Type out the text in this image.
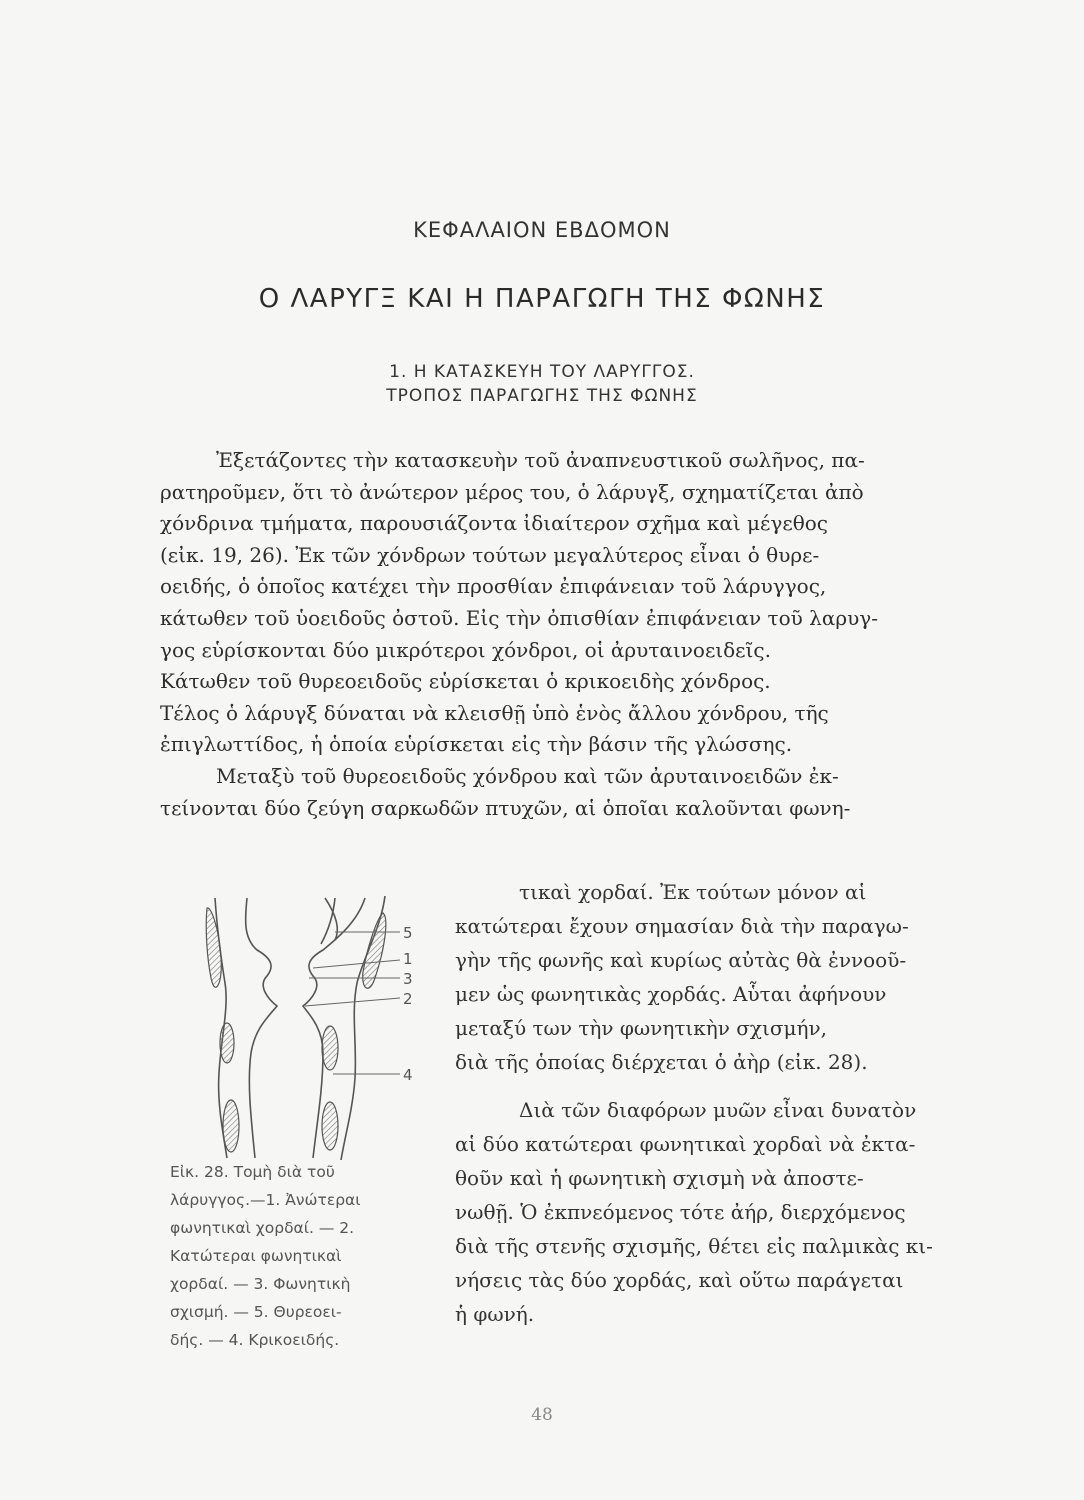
ΚΕΦΑΛΑΙΟΝ ΕΒΔΟΜΟΝ
Ο ΛΑΡΥΓΞ ΚΑΙ Η ΠΑΡΑΓΩΓΗ ΤΗΣ ΦΩΝΗΣ
1. Η ΚΑΤΑΣΚΕΥΗ ΤΟΥ ΛΑΡΥΓΓΟΣ.
ΤΡΟΠΟΣ ΠΑΡΑΓΩΓΗΣ ΤΗΣ ΦΩΝΗΣ
Ἐξετάζοντες τὴν κατασκευὴν τοῦ ἀναπνευστικοῦ σωλῆνος, πα-
ρατηροῦμεν, ὅτι τὸ ἀνώτερον μέρος του, ὁ λάρυγξ, σχηματίζεται ἀπὸ
χόνδρινα τμήματα, παρουσιάζοντα ἰδιαίτερον σχῆμα καὶ μέγεθος
(εἰκ. 19, 26). Ἐκ τῶν χόνδρων τούτων μεγαλύτερος εἶναι ὁ θυρε-
οειδής, ὁ ὁποῖος κατέχει τὴν προσθίαν ἐπιφάνειαν τοῦ λάρυγγος,
κάτωθεν τοῦ ὑοειδοῦς ὀστοῦ. Εἰς τὴν ὀπισθίαν ἐπιφάνειαν τοῦ λαρυγ-
γος εὑρίσκονται δύο μικρότεροι χόνδροι, οἱ ἀρυταινοειδεῖς.
Κάτωθεν τοῦ θυρεοειδοῦς εὑρίσκεται ὁ κρικοειδὴς χόνδρος.
Τέλος ὁ λάρυγξ δύναται νὰ κλεισθῇ ὑπὸ ἑνὸς ἄλλου χόνδρου, τῆς
ἐπιγλωττίδος, ἡ ὁποία εὑρίσκεται εἰς τὴν βάσιν τῆς γλώσσης.
Μεταξὺ τοῦ θυρεοειδοῦς χόνδρου καὶ τῶν ἀρυταινοειδῶν ἐκ-
τείνονται δύο ζεύγη σαρκωδῶν πτυχῶν, αἱ ὁποῖαι καλοῦνται φωνη-
5
1
3
2
4
Εἰκ. 28. Τομὴ διὰ τοῦ
λάρυγγος.—1. Ἀνώτεραι
φωνητικαὶ χορδαί. — 2.
Κατώτεραι φωνητικαὶ
χορδαί. — 3. Φωνητικὴ
σχισμή. — 5. Θυρεοει-
δής. — 4. Κρικοειδής.
τικαὶ χορδαί. Ἐκ τούτων μόνον αἱ
κατώτεραι ἔχουν σημασίαν διὰ τὴν παραγω-
γὴν τῆς φωνῆς καὶ κυρίως αὐτὰς θὰ ἐννοοῦ-
μεν ὡς φωνητικὰς χορδάς. Αὗται ἀφήνουν
μεταξύ των τὴν φωνητικὴν σχισμήν,
διὰ τῆς ὁποίας διέρχεται ὁ ἀὴρ (εἰκ. 28).
Διὰ τῶν διαφόρων μυῶν εἶναι δυνατὸν
αἱ δύο κατώτεραι φωνητικαὶ χορδαὶ νὰ ἐκτα-
θοῦν καὶ ἡ φωνητικὴ σχισμὴ νὰ ἀποστε-
νωθῇ. Ὁ ἐκπνεόμενος τότε ἀήρ, διερχόμενος
διὰ τῆς στενῆς σχισμῆς, θέτει εἰς παλμικὰς κι-
νήσεις τὰς δύο χορδάς, καὶ οὕτω παράγεται
ἡ φωνή.
48
